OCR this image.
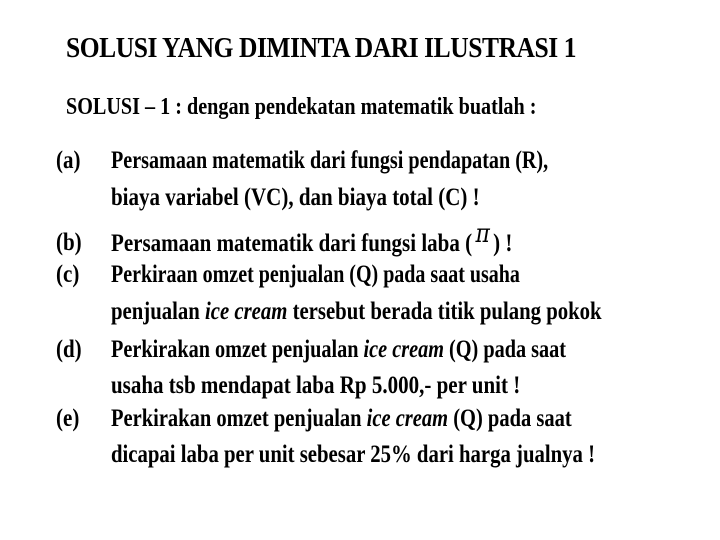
SOLUSI YANG DIMINTA DARI ILUSTRASI 1
SOLUSI – 1 : dengan pendekatan matematik buatlah :
(a) Persamaan matematik dari fungsi pendapatan (R),
biaya variabel (VC), dan biaya total (C) !
(b) Persamaan matematik dari fungsi laba ( π ) !
(c) Perkiraan omzet penjualan (Q) pada saat usaha
penjualan ice cream tersebut berada titik pulang pokok
(d) Perkirakan omzet penjualan ice cream (Q) pada saat
usaha tsb mendapat laba Rp 5.000,- per unit !
(e) Perkirakan omzet penjualan ice cream (Q) pada saat
dicapai laba per unit sebesar 25% dari harga jualnya !
